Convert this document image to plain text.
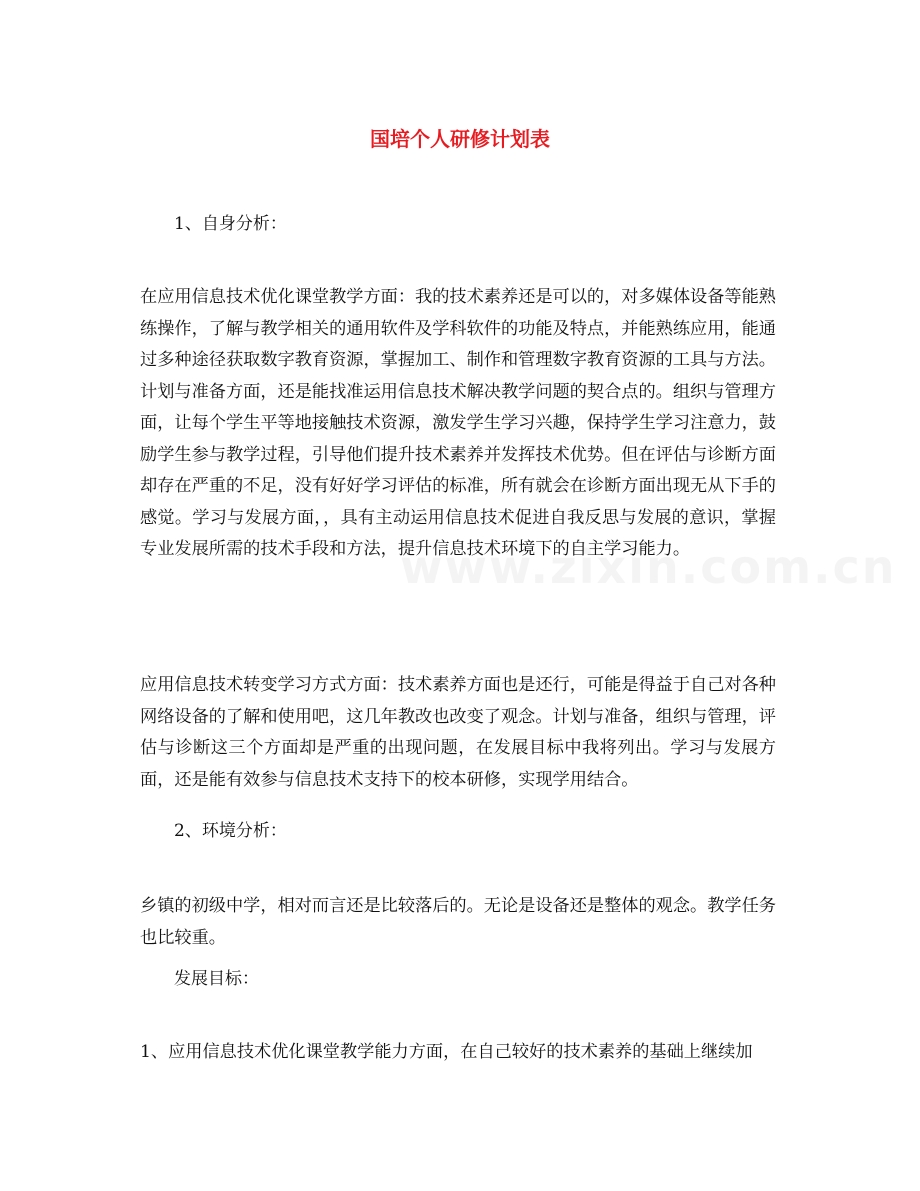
国培个人研修计划表
1、自身分析：
在应用信息技术优化课堂教学方面：我的技术素养还是可以的，对多媒体设备等能熟练操作，了解与教学相关的通用软件及学科软件的功能及特点，并能熟练应用，能通过多种途径获取数字教育资源，掌握加工、制作和管理数字教育资源的工具与方法。计划与准备方面，还是能找准运用信息技术解决教学问题的契合点的。组织与管理方面，让每个学生平等地接触技术资源，激发学生学习兴趣，保持学生学习注意力，鼓励学生参与教学过程，引导他们提升技术素养并发挥技术优势。但在评估与诊断方面却存在严重的不足，没有好好学习评估的标准，所有就会在诊断方面出现无从下手的感觉。学习与发展方面，，具有主动运用信息技术促进自我反思与发展的意识，掌握专业发展所需的技术手段和方法，提升信息技术环境下的自主学习能力。
应用信息技术转变学习方式方面：技术素养方面也是还行，可能是得益于自己对各种网络设备的了解和使用吧，这几年教改也改变了观念。计划与准备，组织与管理，评估与诊断这三个方面却是严重的出现问题，在发展目标中我将列出。学习与发展方面，还是能有效参与信息技术支持下的校本研修，实现学用结合。
2、环境分析：
乡镇的初级中学，相对而言还是比较落后的。无论是设备还是整体的观念。教学任务也比较重。
发展目标：
1、应用信息技术优化课堂教学能力方面，在自己较好的技术素养的基础上继续加
